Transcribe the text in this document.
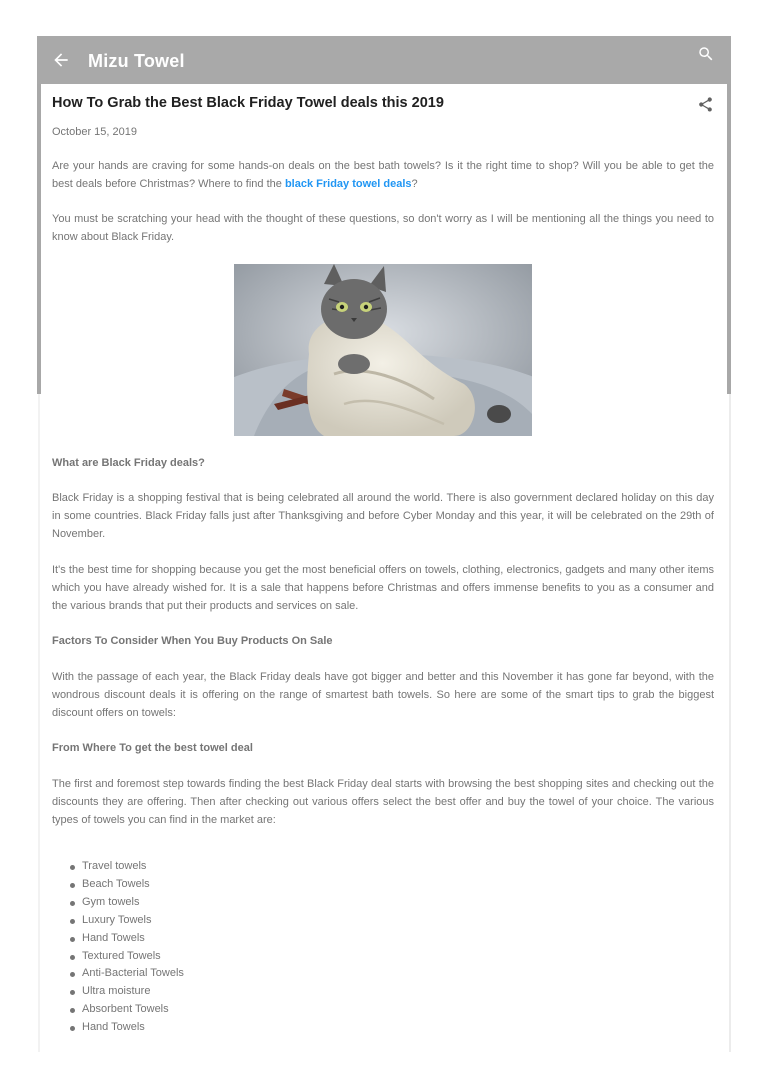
Mizu Towel
How To Grab the Best Black Friday Towel deals this 2019
October 15, 2019

Are your hands are craving for some hands-on deals on the best bath towels? Is it the right time to shop? Will you be able to get the best deals before Christmas? Where to find the black Friday towel deals?

You must be scratching your head with the thought of these questions, so don't worry as I will be mentioning all the things you need to know about Black Friday.

What are Black Friday deals?

Black Friday is a shopping festival that is being celebrated all around the world. There is also government declared holiday on this day in some countries. Black Friday falls just after Thanksgiving and before Cyber Monday and this year, it will be celebrated on the 29th of November.

It's the best time for shopping because you get the most beneficial offers on towels, clothing, electronics, gadgets and many other items which you have already wished for. It is a sale that happens before Christmas and offers immense benefits to you as a consumer and the various brands that put their products and services on sale.

Factors To Consider When You Buy Products On Sale

With the passage of each year, the Black Friday deals have got bigger and better and this November it has gone far beyond, with the wondrous discount deals it is offering on the range of smartest bath towels. So here are some of the smart tips to grab the biggest discount offers on towels:

From Where To get the best towel deal

The first and foremost step towards finding the best Black Friday deal starts with browsing the best shopping sites and checking out the discounts they are offering. Then after checking out various offers select the best offer and buy the towel of your choice. The various types of towels you can find in the market are:

Travel towels
Beach Towels
Gym towels
Luxury Towels
Hand Towels
Textured Towels
Anti-Bacterial Towels
Ultra moisture
Absorbent Towels
Hand Towels
